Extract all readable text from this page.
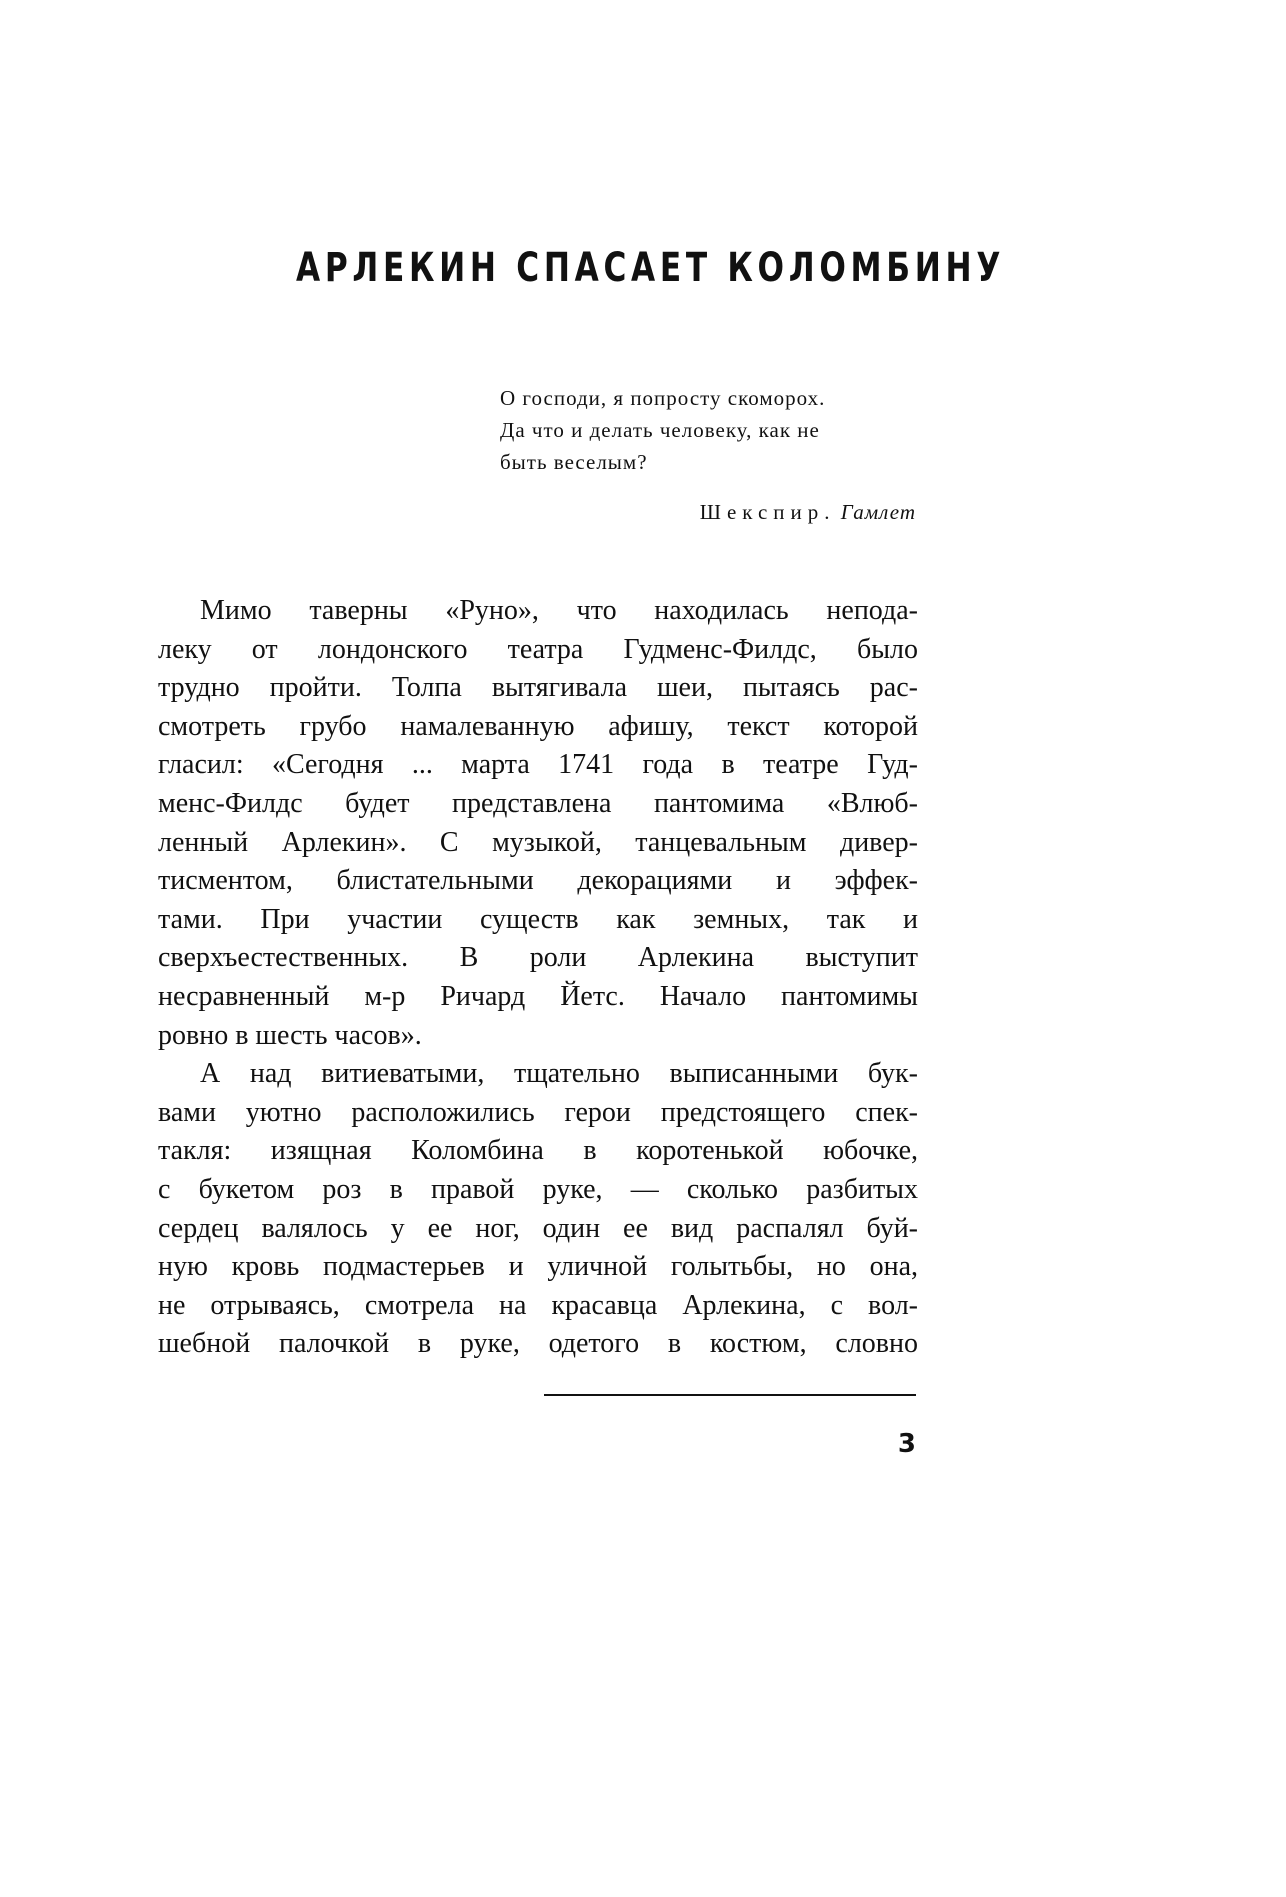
АРЛЕКИН СПАСАЕТ КОЛОМБИНУ
О господи, я попросту скоморох.
Да что и делать человеку, как не
быть веселым?
Шекспир. Гамлет
Мимо таверны «Руно», что находилась непода-
леку от лондонского театра Гудменс-Филдс, было
трудно пройти. Толпа вытягивала шеи, пытаясь рас-
смотреть грубо намалеванную афишу, текст которой
гласил: «Сегодня ... марта 1741 года в театре Гуд-
менс-Филдс будет представлена пантомима «Влюб-
ленный Арлекин». С музыкой, танцевальным дивер-
тисментом, блистательными декорациями и эффек-
тами. При участии существ как земных, так и
сверхъестественных. В роли Арлекина выступит
несравненный м-р Ричард Йетс. Начало пантомимы
ровно в шесть часов».
А над витиеватыми, тщательно выписанными бук-
вами уютно расположились герои предстоящего спек-
такля: изящная Коломбина в коротенькой юбочке,
с букетом роз в правой руке, — сколько разбитых
сердец валялось у ее ног, один ее вид распалял буй-
ную кровь подмастерьев и уличной голытьбы, но она,
не отрываясь, смотрела на красавца Арлекина, с вол-
шебной палочкой в руке, одетого в костюм, словно
3
